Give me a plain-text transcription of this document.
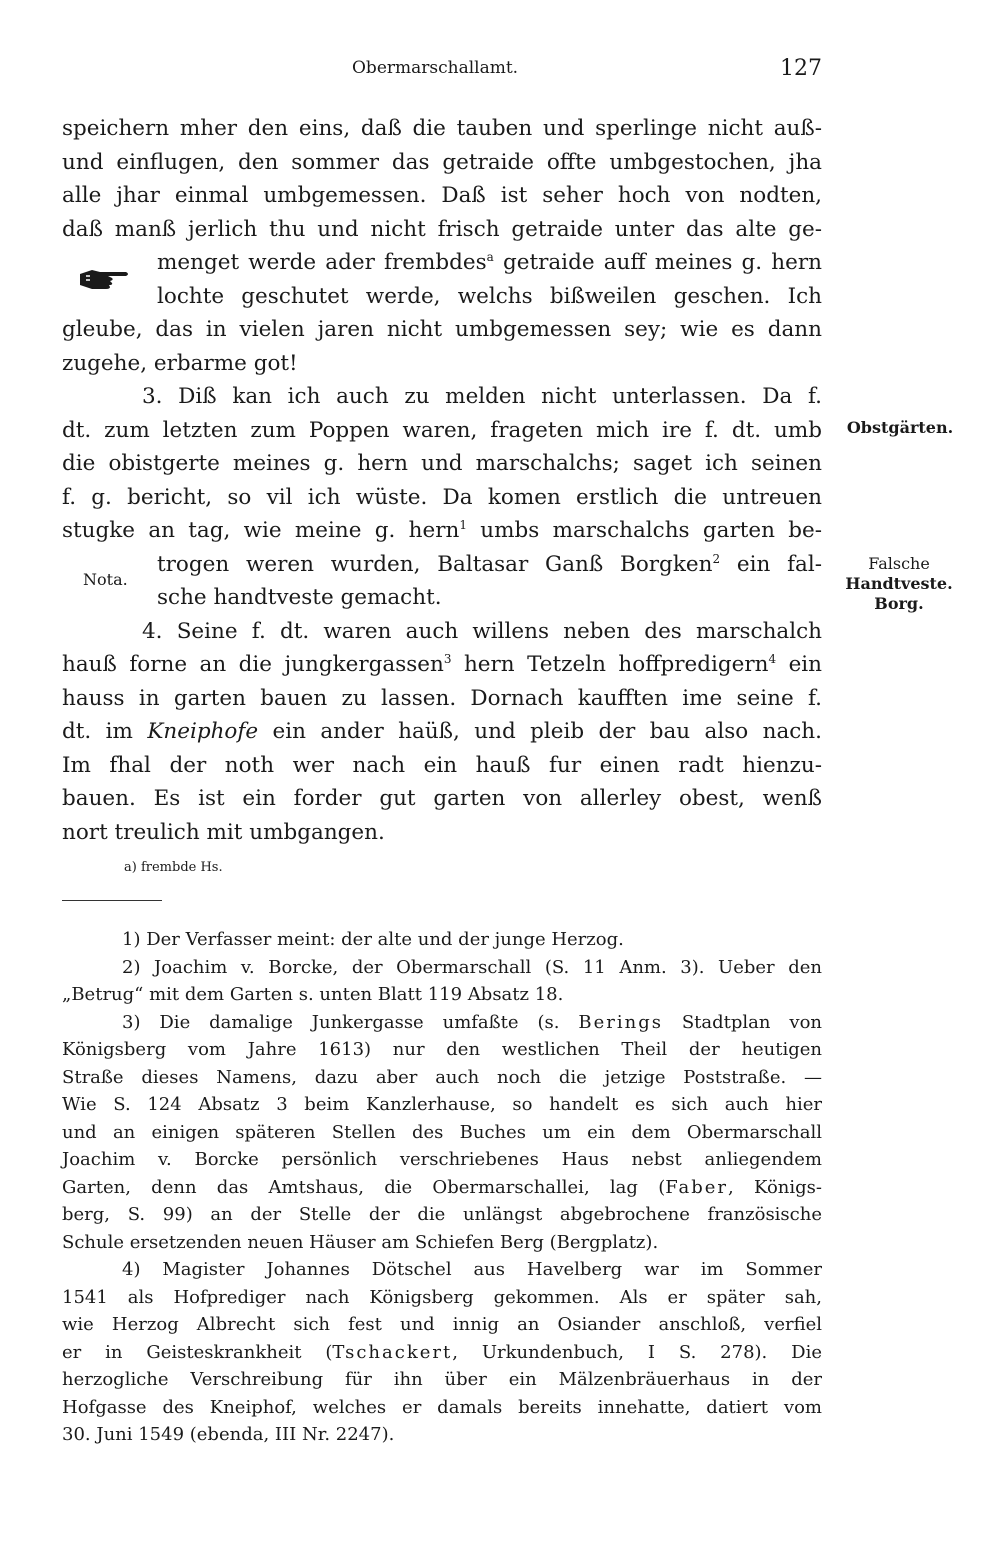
Obermarschallamt.	127
speichern mher den eins, daß die tauben und sperlinge nicht auß-
und einflugen, den sommer das getraide offte umbgestochen, jha
alle jhar einmal umbgemessen. Daß ist seher hoch von nodten,
daß manß jerlich thu und nicht frisch getraide unter das alte ge-
menget werde ader frembdes$^a$ getraide auff meines g. hern
lochte geschutet werde, welchs bißweilen geschen. Ich
gleube, das in vielen jaren nicht umbgemessen sey; wie es dann
zugehe, erbarme got!
3. Diß kan ich auch zu melden nicht unterlassen. Da f.
dt. zum letzten zum Poppen waren, frageten mich ire f. dt. umb
die obistgerte meines g. hern und marschalchs; saget ich seinen
f. g. bericht, so vil ich wüste. Da komen erstlich die untreuen
stugke an tag, wie meine g. hern$^1$ umbs marschalchs garten be-
trogen weren wurden, Baltasar Ganß Borgken$^2$ ein fal-
sche handtveste gemacht.
4. Seine f. dt. waren auch willens neben des marschalch
hauß forne an die jungkergassen$^3$ hern Tetzeln hoffpredigern$^4$ ein
hauss in garten bauen zu lassen. Dornach kaufften ime seine f.
dt. im Kneiphofe ein ander haüß, und pleib der bau also nach.
Im fhal der noth wer nach ein hauß fur einen radt hienzu-
bauen. Es ist ein forder gut garten von allerley obest, wenß
nort treulich mit umbgangen.
Nota.
Obstgärten.
Falsche
Handtveste.
Borg.
a) frembde Hs.
1) Der Verfasser meint: der alte und der junge Herzog.
2) Joachim v. Borcke, der Obermarschall (S. 11 Anm. 3). Ueber den
„Betrug“ mit dem Garten s. unten Blatt 119 Absatz 18.
3) Die damalige Junkergasse umfaßte (s. Berings Stadtplan von
Königsberg vom Jahre 1613) nur den westlichen Theil der heutigen
Straße dieses Namens, dazu aber auch noch die jetzige Poststraße. —
Wie S. 124 Absatz 3 beim Kanzlerhause, so handelt es sich auch hier
und an einigen späteren Stellen des Buches um ein dem Obermarschall
Joachim v. Borcke persönlich verschriebenes Haus nebst anliegendem
Garten, denn das Amtshaus, die Obermarschallei, lag (Faber, Königs-
berg, S. 99) an der Stelle der die unlängst abgebrochene französische
Schule ersetzenden neuen Häuser am Schiefen Berg (Bergplatz).
4) Magister Johannes Dötschel aus Havelberg war im Sommer
1541 als Hofprediger nach Königsberg gekommen. Als er später sah,
wie Herzog Albrecht sich fest und innig an Osiander anschloß, verfiel
er in Geisteskrankheit (Tschackert, Urkundenbuch, I S. 278). Die
herzogliche Verschreibung für ihn über ein Mälzenbräuerhaus in der
Hofgasse des Kneiphof, welches er damals bereits innehatte, datiert vom
30. Juni 1549 (ebenda, III Nr. 2247).
